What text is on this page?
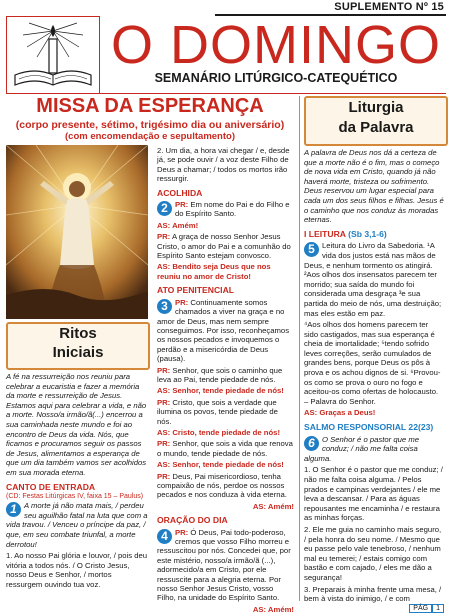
SUPLEMENTO Nº 15
O DOMINGO
SEMANÁRIO LITÚRGICO-CATEQUÉTICO
MISSA DA ESPERANÇA
(corpo presente, sétimo, trigésimo dia ou aniversário)
(com encomendação e sepultamento)
Ritos
Iniciais

A fé na ressurreição nos reuniu para celebrar a eucaristia e fazer a memória da morte e ressurreição de Jesus. Estamos aqui para celebrar a vida, e não a morte. Nosso/a irmão/ã(...) encerrou a sua caminhada neste mundo e foi ao encontro de Deus da vida. Nós, que ficamos e procuramos seguir os passos de Jesus, alimentamos a esperança de que um dia também vamos ser acolhidos em sua morada eterna.

CANTO DE ENTRADA
(CD: Festas Litúrgicas IV, faixa 15 – Paulus)

1 A morte já não mata mais, / perdeu seu aguilhão fatal na luta que com a vida travou. / Venceu o príncipe da paz, / que, em seu combate triunfal, a morte derrotou!

1. Ao nosso Pai glória e louvor, / pois deu vitória a todos nós. / O Cristo Jesus, nosso Deus e Senhor, / mortos ressurgem ouvindo tua voz.

2. Um dia, a hora vai chegar / e, desde já, se pode ouvir / a voz deste Filho de Deus a chamar; / todos os mortos irão ressurgir.

ACOLHIDA

2 PR: Em nome do Pai e do Filho e do Espírito Santo.

AS: Amém!

PR: A graça de nosso Senhor Jesus Cristo, o amor do Pai e a comunhão do Espírito Santo estejam convosco.

AS: Bendito seja Deus que nos reuniu no amor de Cristo!

ATO PENITENCIAL

3 PR: Continuamente somos chamados a viver na graça e no amor de Deus, mas nem sempre conseguimos. Por isso, reconheçamos os nossos pecados e invoquemos o perdão e a misericórdia de Deus (pausa).

PR: Senhor, que sois o caminho que leva ao Pai, tende piedade de nós.

AS: Senhor, tende piedade de nós!

PR: Cristo, que sois a verdade que ilumina os povos, tende piedade de nós.

AS: Cristo, tende piedade de nós!

PR: Senhor, que sois a vida que renova o mundo, tende piedade de nós.

AS: Senhor, tende piedade de nós!

PR: Deus, Pai misericordioso, tenha compaixão de nós, perdoe os nossos pecados e nos conduza à vida eterna.

AS: Amém!

ORAÇÃO DO DIA

4 PR: Ó Deus, Pai todo-poderoso, cremos que vosso Filho morreu e ressuscitou por nós. Concedei que, por este mistério, nosso/a irmão/ã (...), adormecido/a em Cristo, por ele ressuscite para a alegria eterna. Por nosso Senhor Jesus Cristo, vosso Filho, na unidade do Espírito Santo.

AS: Amém!

Liturgia
da Palavra

A palavra de Deus nos dá a certeza de que a morte não é o fim, mas o começo de nova vida em Cristo, quando já não haverá morte, tristeza ou sofrimento. Deus reservou um lugar especial para cada um dos seus filhos e filhas. Jesus é o caminho que nos conduz às moradas eternas.

I LEITURA (Sb 3,1-6)

5 Leitura do Livro da Sabedoria. ¹A vida dos justos está nas mãos de Deus, e nenhum tormento os atingirá. ²Aos olhos dos insensatos parecem ter morrido; sua saída do mundo foi considerada uma desgraça ³e sua partida do meio de nós, uma destruição; mas eles estão em paz.

⁴Aos olhos dos homens parecem ter sido castigados, mas sua esperança é cheia de imortalidade; ⁵tendo sofrido leves correções, serão cumulados de grandes bens, porque Deus os pôs à prova e os achou dignos de si. ⁶Provou-os como se prova o ouro no fogo e aceitou-os como ofertas de holocausto. – Palavra do Senhor.

AS: Graças a Deus!

SALMO RESPONSORIAL 22(23)

6 O Senhor é o pastor que me conduz; / não me falta coisa alguma.

1. O Senhor é o pastor que me conduz; / não me falta coisa alguma. / Pelos prados e campinas verdejantes / ele me leva a descansar. / Para as águas repousantes me encaminha / e restaura as minhas forças.

2. Ele me guia no caminho mais seguro, / pela honra do seu nome. / Mesmo que eu passe pelo vale tenebroso, / nenhum mal eu temerei; / estais comigo com bastão e com cajado, / eles me dão a segurança!

3. Preparais à minha frente uma mesa, / bem à vista do inimigo, / e com

PÁG 1
